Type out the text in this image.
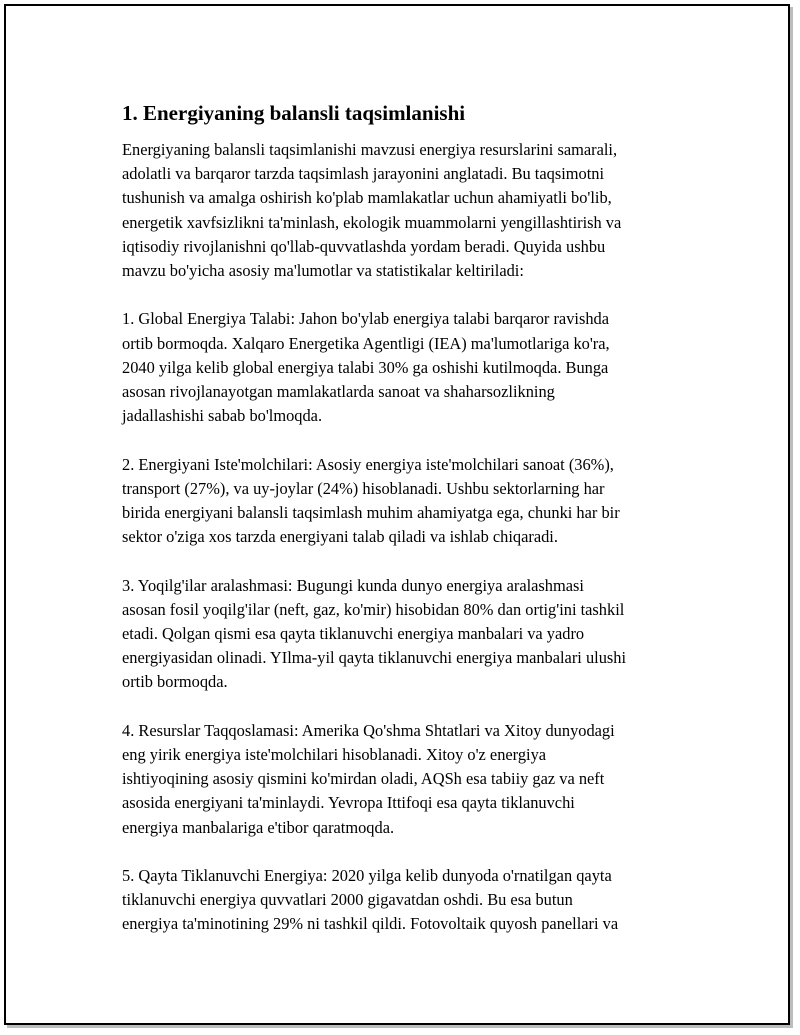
1. Energiyaning balansli taqsimlanishi

Energiyaning balansli taqsimlanishi mavzusi energiya resurslarini samarali,
adolatli va barqaror tarzda taqsimlash jarayonini anglatadi. Bu taqsimotni
tushunish va amalga oshirish ko'plab mamlakatlar uchun ahamiyatli bo'lib,
energetik xavfsizlikni ta'minlash, ekologik muammolarni yengillashtirish va
iqtisodiy rivojlanishni qo'llab-quvvatlashda yordam beradi. Quyida ushbu
mavzu bo'yicha asosiy ma'lumotlar va statistikalar keltiriladi:

1. Global Energiya Talabi: Jahon bo'ylab energiya talabi barqaror ravishda
ortib bormoqda. Xalqaro Energetika Agentligi (IEA) ma'lumotlariga ko'ra,
2040 yilga kelib global energiya talabi 30% ga oshishi kutilmoqda. Bunga
asosan rivojlanayotgan mamlakatlarda sanoat va shaharsozlikning
jadallashishi sabab bo'lmoqda.

2. Energiyani Iste'molchilari: Asosiy energiya iste'molchilari sanoat (36%),
transport (27%), va uy-joylar (24%) hisoblanadi. Ushbu sektorlarning har
birida energiyani balansli taqsimlash muhim ahamiyatga ega, chunki har bir
sektor o'ziga xos tarzda energiyani talab qiladi va ishlab chiqaradi.

3. Yoqilg'ilar aralashmasi: Bugungi kunda dunyo energiya aralashmasi
asosan fosil yoqilg'ilar (neft, gaz, ko'mir) hisobidan 80% dan ortig'ini tashkil
etadi. Qolgan qismi esa qayta tiklanuvchi energiya manbalari va yadro
energiyasidan olinadi. YIlma-yil qayta tiklanuvchi energiya manbalari ulushi
ortib bormoqda.

4. Resurslar Taqqoslamasi: Amerika Qo'shma Shtatlari va Xitoy dunyodagi
eng yirik energiya iste'molchilari hisoblanadi. Xitoy o'z energiya
ishtiyoqining asosiy qismini ko'mirdan oladi, AQSh esa tabiiy gaz va neft
asosida energiyani ta'minlaydi. Yevropa Ittifoqi esa qayta tiklanuvchi
energiya manbalariga e'tibor qaratmoqda.

5. Qayta Tiklanuvchi Energiya: 2020 yilga kelib dunyoda o'rnatilgan qayta
tiklanuvchi energiya quvvatlari 2000 gigavatdan oshdi. Bu esa butun
energiya ta'minotining 29% ni tashkil qildi. Fotovoltaik quyosh panellari va
